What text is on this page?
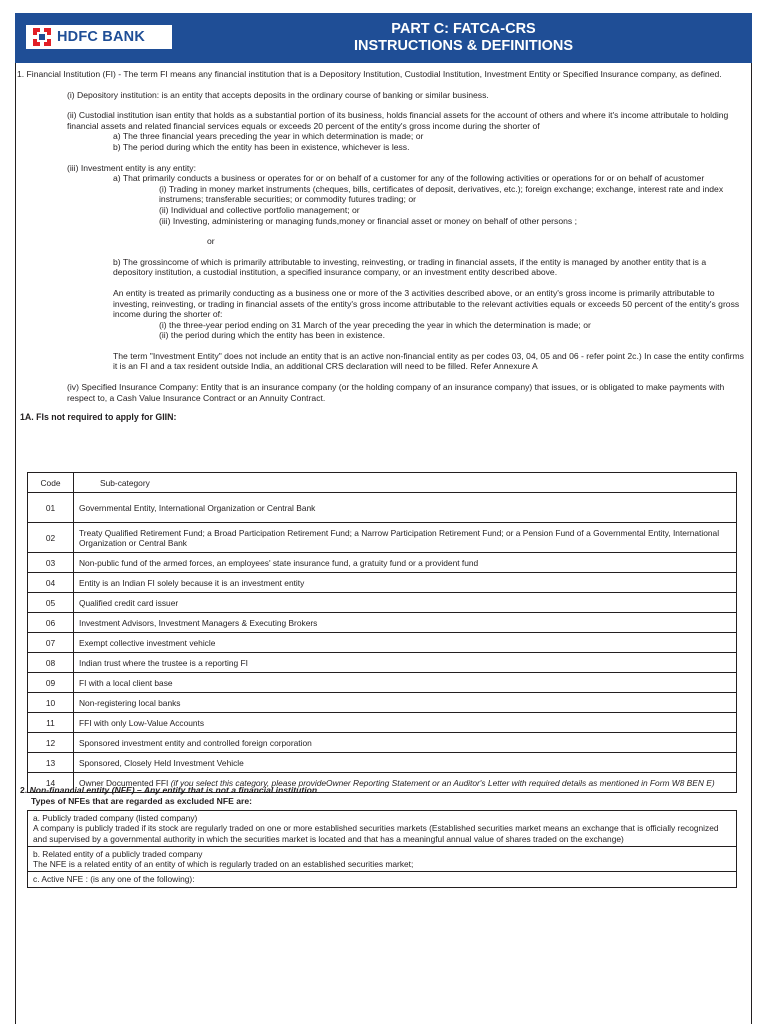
HDFC BANK	PART C: FATCA-CRS
INSTRUCTIONS & DEFINITIONS

1. Financial Institution (FI) - The term FI means any financial institution that is a Depository Institution, Custodial Institution, Investment Entity or Specified Insurance company, as defined.

(i) Depository institution: is an entity that accepts deposits in the ordinary course of banking or similar business.

(ii) Custodial institution isan entity that holds as a substantial portion of its business, holds financial assets for the account of others and where it's income attributale to holding financial assets and related financial services equals or exceeds 20 percent of the entity's gross income during the shorter of

a) The three financial years preceding the year in which determination is made; or

b) The period during which the entity has been in existence, whichever is less.

(iii) Investment entity is any entity:

a) That primarily conducts a business or operates for or on behalf of a customer for any of the following activities or operations for or on behalf of acustomer

(i) Trading in money market instruments (cheques, bills, certificates of deposit, derivatives, etc.); foreign exchange; exchange, interest rate and index instrumens; transferable securities; or commodity futures trading; or

(ii) Individual and collective portfolio management; or

(iii) Investing, administering or managing funds,money or financial asset or money on behalf of other persons ;

or

b) The grossincome of which is primarily attributable to investing, reinvesting, or trading in financial assets, if the entity is managed by another entity that is a depository institution, a custodial institution, a specified insurance company, or an investment entity described above.

An entity is treated as primarily conducting as a business one or more of the 3 activities described above, or an entity's gross income is primarily attributable to investing, reinvesting, or trading in financial assets of the entity's gross income attributable to the relevant activities equals or exceeds 50 percent of the entity's gross income during the shorter of:

(i) the three-year period ending on 31 March of the year preceding the year in which the determination is made; or

(ii) the period during which the entity has been in existence.

The term "Investment Entity" does not include an entity that is an active non-financial entity as per codes 03, 04, 05 and 06 - refer point 2c.) In case the entity confirms it is an FI and a tax resident outside India, an additional CRS declaration will need to be filled. Refer Annexure A

(iv) Specified Insurance Company: Entity that is an insurance company (or the holding company of an insurance company) that issues, or is obligated to make payments with respect to, a Cash Value Insurance Contract or an Annuity Contract.

1A. FIs not required to apply for GIIN:

Code	Sub-category
01	Governmental Entity, International Organization or Central Bank
02	Treaty Qualified Retirement Fund; a Broad Participation Retirement Fund; a Narrow Participation Retirement Fund; or a Pension Fund of a Governmental Entity, International Organization or Central Bank
03	Non-public fund of the armed forces, an employees' state insurance fund, a gratuity fund or a provident fund
04	Entity is an Indian FI solely because it is an investment entity
05	Qualified credit card issuer
06	Investment Advisors, Investment Managers & Executing Brokers
07	Exempt collective investment vehicle
08	Indian trust where the trustee is a reporting FI
09	FI with a local client base
10	Non-registering local banks
11	FFI with only Low-Value Accounts
12	Sponsored investment entity and controlled foreign corporation
13	Sponsored, Closely Held Investment Vehicle
14	Owner Documented FFI (if you select this category, please provideOwner Reporting Statement or an Auditor's Letter with required details as mentioned in Form W8 BEN E)
2. Non-financial entity (NFE) – Any entity that is not a financial institution
Types of NFEs that are regarded as excluded NFE are:
a. Publicly traded company (listed company)
A company is publicly traded if its stock are regularly traded on one or more established securities markets (Established securities market means an exchange that is officially recognized and supervised by a governmental authority in which the securities market is located and that has a meaningful annual value of shares traded on the exchange)

b. Related entity of a publicly traded company
The NFE is a related entity of an entity of which is regularly traded on an established securities market;

c. Active NFE : (is any one of the following):
